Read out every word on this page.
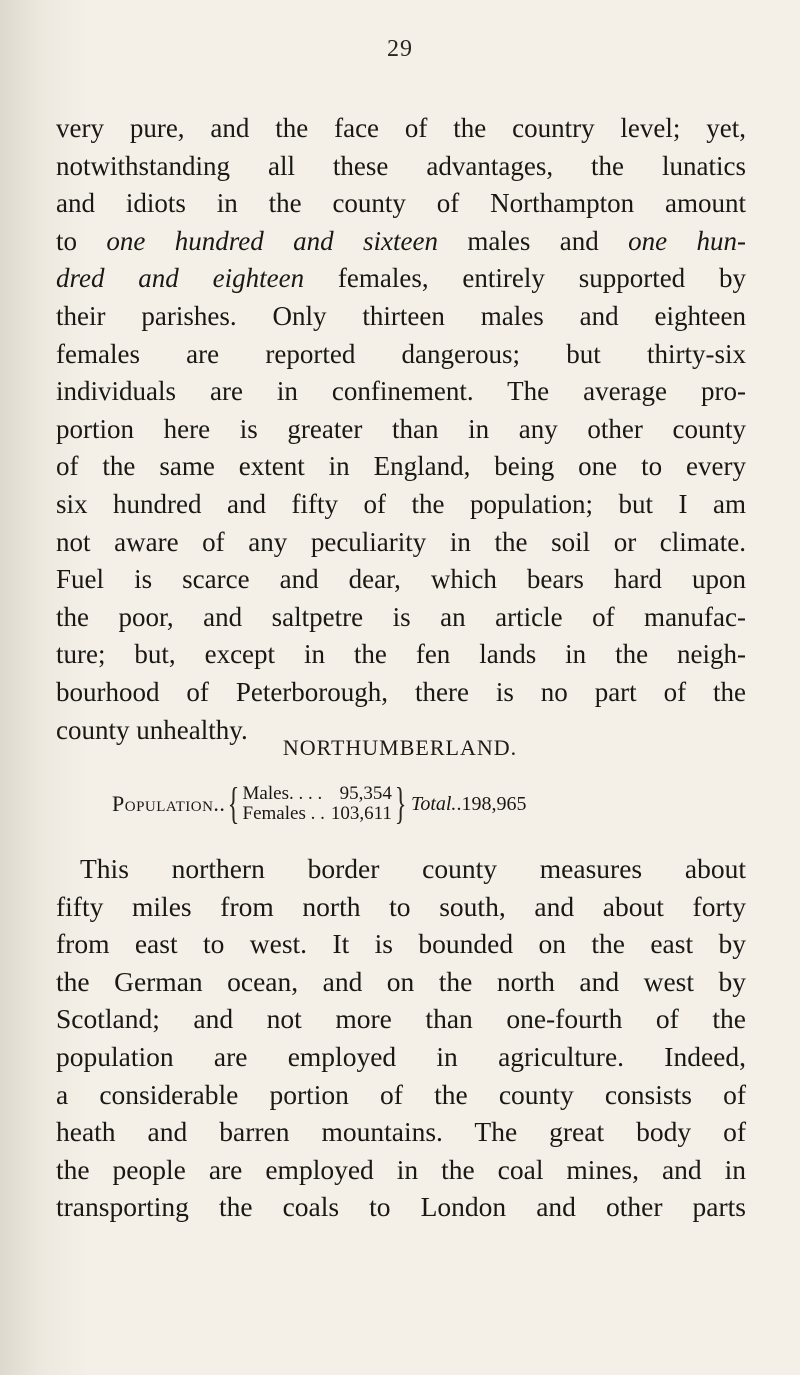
29
very pure, and the face of the country level; yet,
notwithstanding all these advantages, the lunatics
and idiots in the county of Northampton amount
to one hundred and sixteen males and one hun-
dred and eighteen females, entirely supported by
their parishes. Only thirteen males and eighteen
females are reported dangerous; but thirty-six
individuals are in confinement. The average pro-
portion here is greater than in any other county
of the same extent in England, being one to every
six hundred and fifty of the population; but I am
not aware of any peculiarity in the soil or climate.
Fuel is scarce and dear, which bears hard upon
the poor, and saltpetre is an article of manufac-
ture; but, except in the fen lands in the neigh-
bourhood of Peterborough, there is no part of the
county unhealthy.
NORTHUMBERLAND.
Population.. { Males. . . .
Females . .
95,354
103,611 } Total. .198,965
This northern border county measures about
fifty miles from north to south, and about forty
from east to west. It is bounded on the east by
the German ocean, and on the north and west by
Scotland; and not more than one-fourth of the
population are employed in agriculture. Indeed,
a considerable portion of the county consists of
heath and barren mountains. The great body of
the people are employed in the coal mines, and in
transporting the coals to London and other parts
